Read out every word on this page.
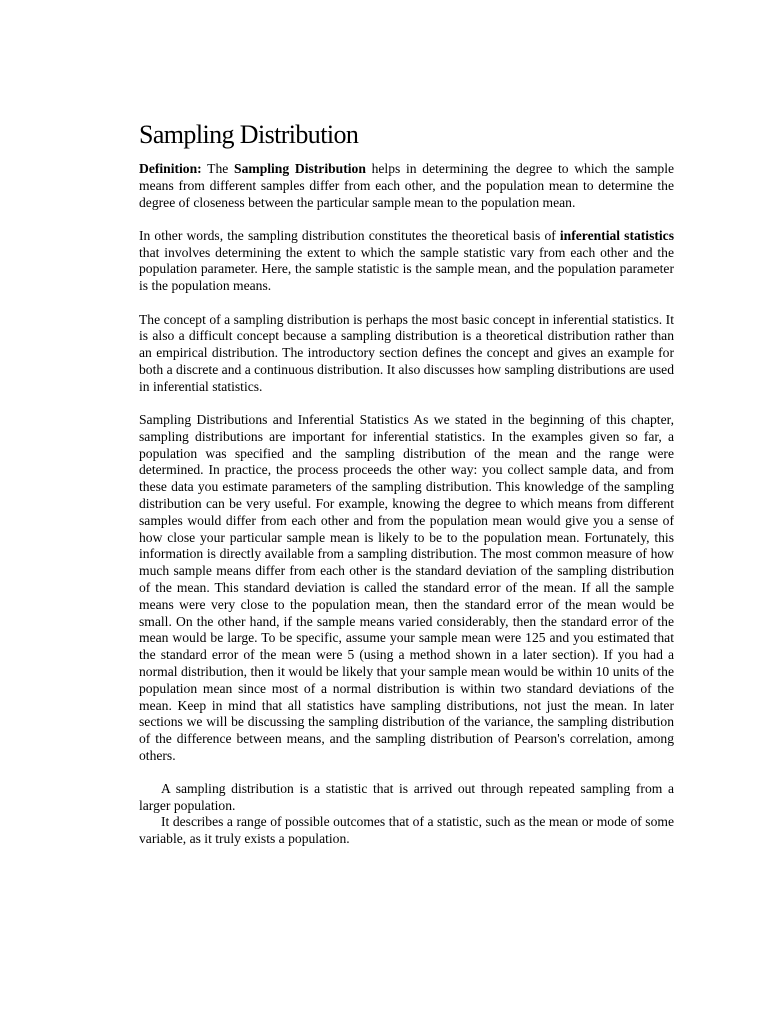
Sampling Distribution

Definition: The Sampling Distribution helps in determining the degree to which the sample means from different samples differ from each other, and the population mean to determine the degree of closeness between the particular sample mean to the population mean.

In other words, the sampling distribution constitutes the theoretical basis of inferential statistics that involves determining the extent to which the sample statistic vary from each other and the population parameter. Here, the sample statistic is the sample mean, and the population parameter is the population means.

The concept of a sampling distribution is perhaps the most basic concept in inferential statistics. It is also a difficult concept because a sampling distribution is a theoretical distribution rather than an empirical distribution. The introductory section defines the concept and gives an example for both a discrete and a continuous distribution. It also discusses how sampling distributions are used in inferential statistics.

Sampling Distributions and Inferential Statistics As we stated in the beginning of this chapter, sampling distributions are important for inferential statistics. In the examples given so far, a population was specified and the sampling distribution of the mean and the range were determined. In practice, the process proceeds the other way: you collect sample data, and from these data you estimate parameters of the sampling distribution. This knowledge of the sampling distribution can be very useful. For example, knowing the degree to which means from different samples would differ from each other and from the population mean would give you a sense of how close your particular sample mean is likely to be to the population mean. Fortunately, this information is directly available from a sampling distribution. The most common measure of how much sample means differ from each other is the standard deviation of the sampling distribution of the mean. This standard deviation is called the standard error of the mean. If all the sample means were very close to the population mean, then the standard error of the mean would be small. On the other hand, if the sample means varied considerably, then the standard error of the mean would be large. To be specific, assume your sample mean were 125 and you estimated that the standard error of the mean were 5 (using a method shown in a later section). If you had a normal distribution, then it would be likely that your sample mean would be within 10 units of the population mean since most of a normal distribution is within two standard deviations of the mean. Keep in mind that all statistics have sampling distributions, not just the mean. In later sections we will be discussing the sampling distribution of the variance, the sampling distribution of the difference between means, and the sampling distribution of Pearson's correlation, among others.

A sampling distribution is a statistic that is arrived out through repeated sampling from a larger population.

It describes a range of possible outcomes that of a statistic, such as the mean or mode of some variable, as it truly exists a population.
